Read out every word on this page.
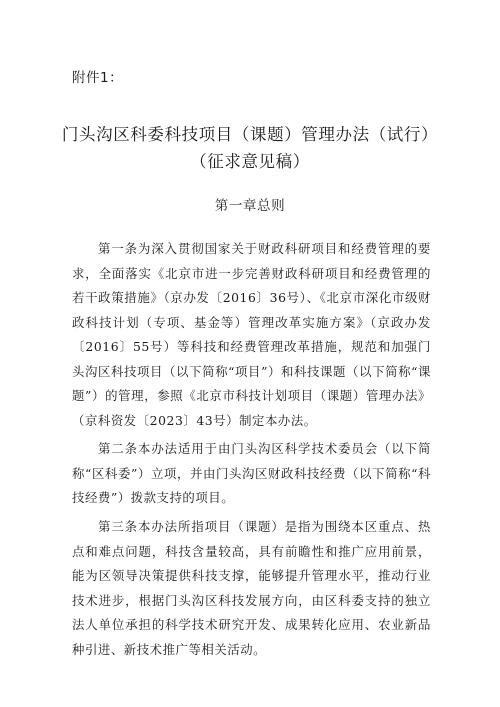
附件1：
门头沟区科委科技项目（课题）管理办法（试行）
（征求意见稿）
第一章总则

第一条为深入贯彻国家关于财政科研项目和经费管理的要求，全面落实《北京市进一步完善财政科研项目和经费管理的若干政策措施》（京办发〔2016〕36号）、《北京市深化市级财政科技计划（专项、基金等）管理改革实施方案》（京政办发〔2016〕55号）等科技和经费管理改革措施，规范和加强门头沟区科技项目（以下简称“项目”）和科技课题（以下简称“课题”）的管理，参照《北京市科技计划项目（课题）管理办法》（京科资发〔2023〕43号）制定本办法。

第二条本办法适用于由门头沟区科学技术委员会（以下简称“区科委”）立项，并由门头沟区财政科技经费（以下简称“科技经费”）拨款支持的项目。

第三条本办法所指项目（课题）是指为围绕本区重点、热点和难点问题，科技含量较高，具有前瞻性和推广应用前景，能为区领导决策提供科技支撑，能够提升管理水平，推动行业技术进步，根据门头沟区科技发展方向，由区科委支持的独立法人单位承担的科学技术研究开发、成果转化应用、农业新品种引进、新技术推广等相关活动。
